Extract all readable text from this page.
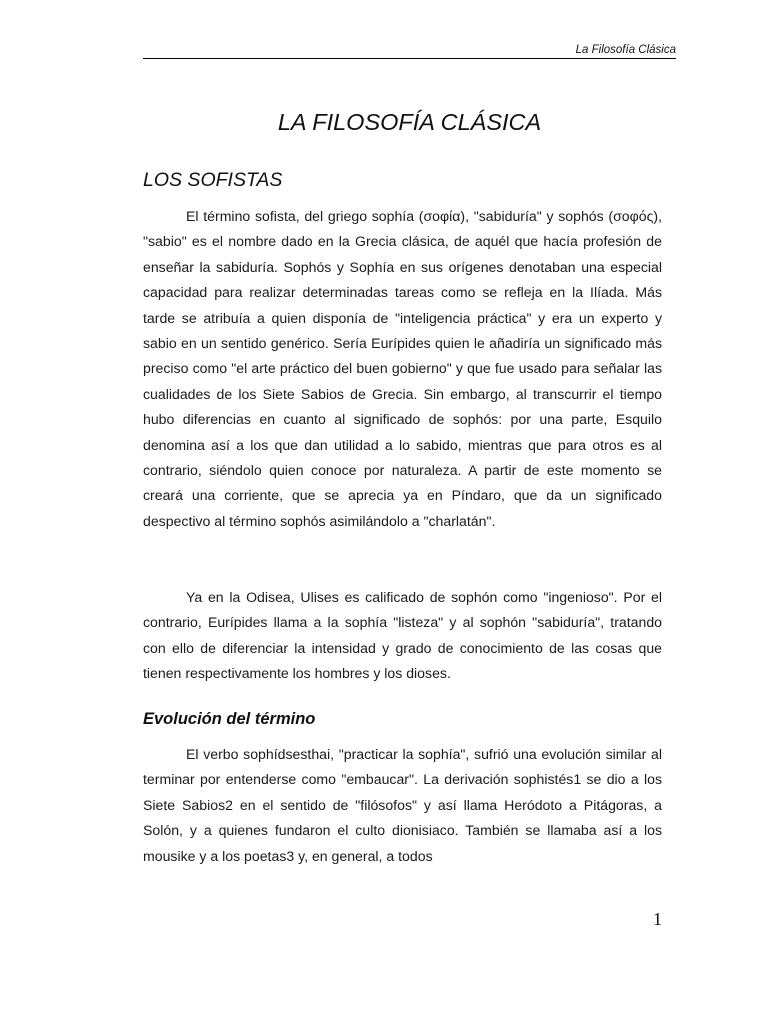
La Filosofía Clásica
LA FILOSOFÍA CLÁSICA
LOS SOFISTAS

El término sofista, del griego sophía (σοφία), "sabiduría" y sophós (σοφός), "sabio" es el nombre dado en la Grecia clásica, de aquél que hacía profesión de enseñar la sabiduría. Sophós y Sophía en sus orígenes denotaban una especial capacidad para realizar determinadas tareas como se refleja en la Ilíada. Más tarde se atribuía a quien disponía de "inteligencia práctica" y era un experto y sabio en un sentido genérico. Sería Eurípides quien le añadiría un significado más preciso como "el arte práctico del buen gobierno" y que fue usado para señalar las cualidades de los Siete Sabios de Grecia. Sin embargo, al transcurrir el tiempo hubo diferencias en cuanto al significado de sophós: por una parte, Esquilo denomina así a los que dan utilidad a lo sabido, mientras que para otros es al contrario, siéndolo quien conoce por naturaleza. A partir de este momento se creará una corriente, que se aprecia ya en Píndaro, que da un significado despectivo al término sophós asimilándolo a "charlatán".

Ya en la Odisea, Ulises es calificado de sophón como "ingenioso". Por el contrario, Eurípides llama a la sophía "listeza" y al sophón "sabiduría", tratando con ello de diferenciar la intensidad y grado de conocimiento de las cosas que tienen respectivamente los hombres y los dioses.

Evolución del término

El verbo sophídsesthai, "practicar la sophía", sufrió una evolución similar al terminar por entenderse como "embaucar". La derivación sophistés1 se dio a los Siete Sabios2 en el sentido de "filósofos" y así llama Heródoto a Pitágoras, a Solón, y a quienes fundaron el culto dionisiaco. También se llamaba así a los mousike y a los poetas3 y, en general, a todos

1
